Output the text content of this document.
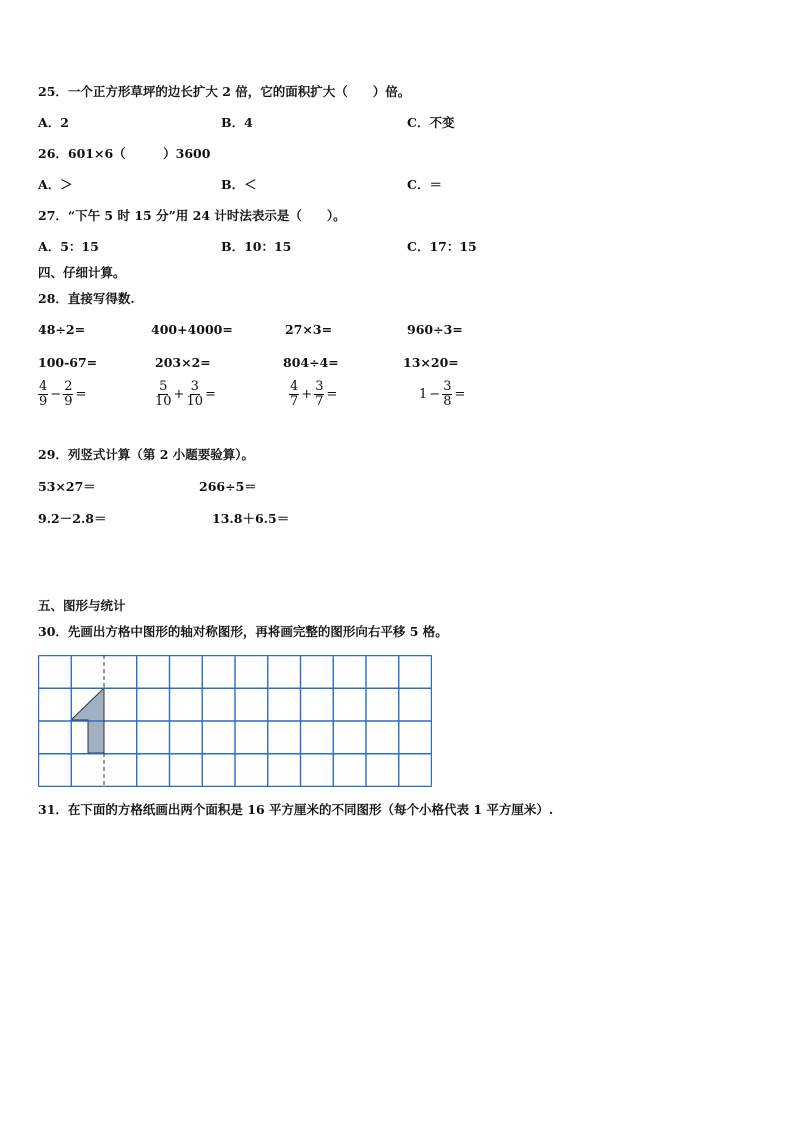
25．一个正方形草坪的边长扩大 2 倍，它的面积扩大（　　）倍。
A．2	B．4	C．不变
26．601×6（　　　）3600
A．＞	B．＜	C．＝
27．“下午 5 时 15 分”用 24 计时法表示是（　　）。
A．5：15	B．10：15	C．17：15
四、仔细计算。
28．直接写得数.
48÷2=	400+4000=	27×3=	960÷3=
100-67=	203×2=	804÷4=	13×20=
$\frac{4}{9} - \frac{2}{9}$ =	$\frac{5}{10} + \frac{3}{10}$ =	$\frac{4}{7} + \frac{3}{7}$ =	$1 - \frac{3}{8}$ =
29．列竖式计算（第 2 小题要验算）。
53×27＝	266÷5＝
9.2－2.8＝	13.8＋6.5＝
五、图形与统计
30．先画出方格中图形的轴对称图形，再将画完整的图形向右平移 5 格。
31．在下面的方格纸画出两个面积是 16 平方厘米的不同图形（每个小格代表 1 平方厘米）.
